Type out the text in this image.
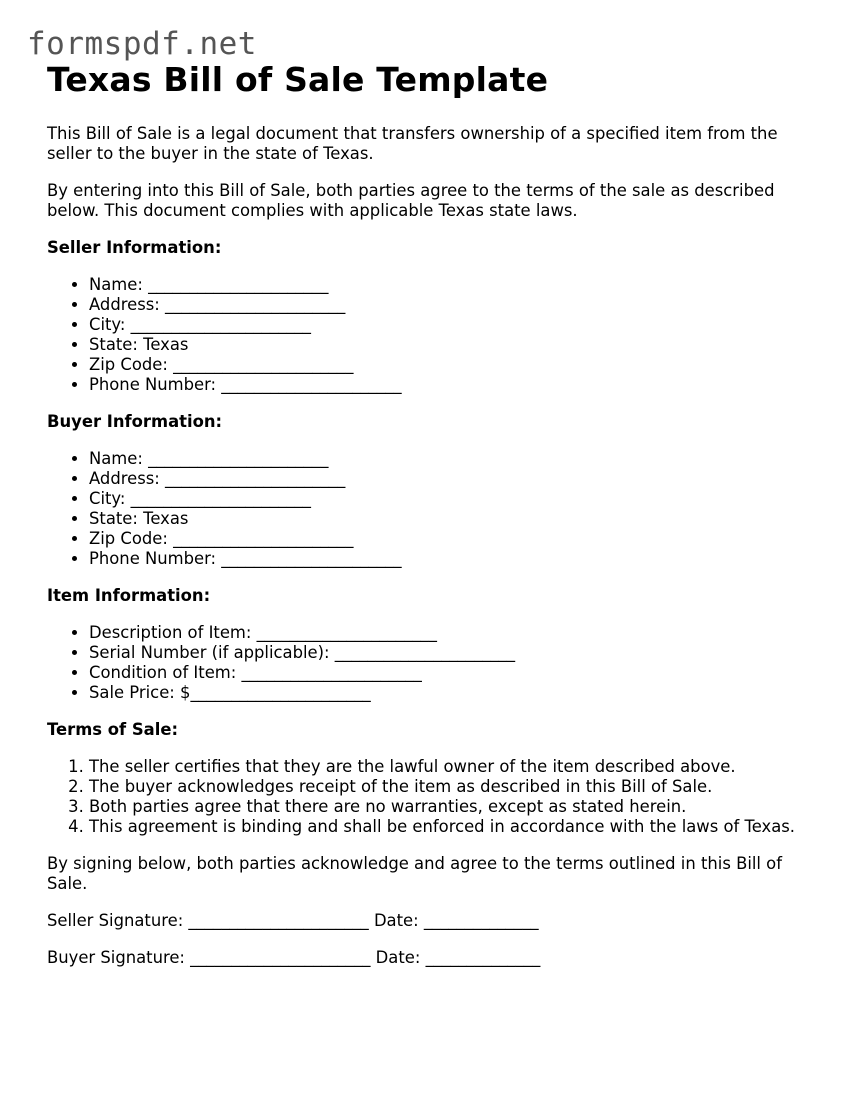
formspdf.net
Texas Bill of Sale Template

This Bill of Sale is a legal document that transfers ownership of a specified item from the seller to the buyer in the state of Texas.

By entering into this Bill of Sale, both parties agree to the terms of the sale as described below. This document complies with applicable Texas state laws.

Seller Information:
• Name: ______________________
• Address: ______________________
• City: ______________________
• State: Texas
• Zip Code: ______________________
• Phone Number: ______________________
Buyer Information:
• Name: ______________________
• Address: ______________________
• City: ______________________
• State: Texas
• Zip Code: ______________________
• Phone Number: ______________________
Item Information:
• Description of Item: ______________________
• Serial Number (if applicable): ______________________
• Condition of Item: ______________________
• Sale Price: $______________________
Terms of Sale:
1. The seller certifies that they are the lawful owner of the item described above.
2. The buyer acknowledges receipt of the item as described in this Bill of Sale.
3. Both parties agree that there are no warranties, except as stated herein.
4. This agreement is binding and shall be enforced in accordance with the laws of Texas.

By signing below, both parties acknowledge and agree to the terms outlined in this Bill of Sale.

Seller Signature: ______________________ Date: ______________

Buyer Signature: ______________________ Date: ______________
